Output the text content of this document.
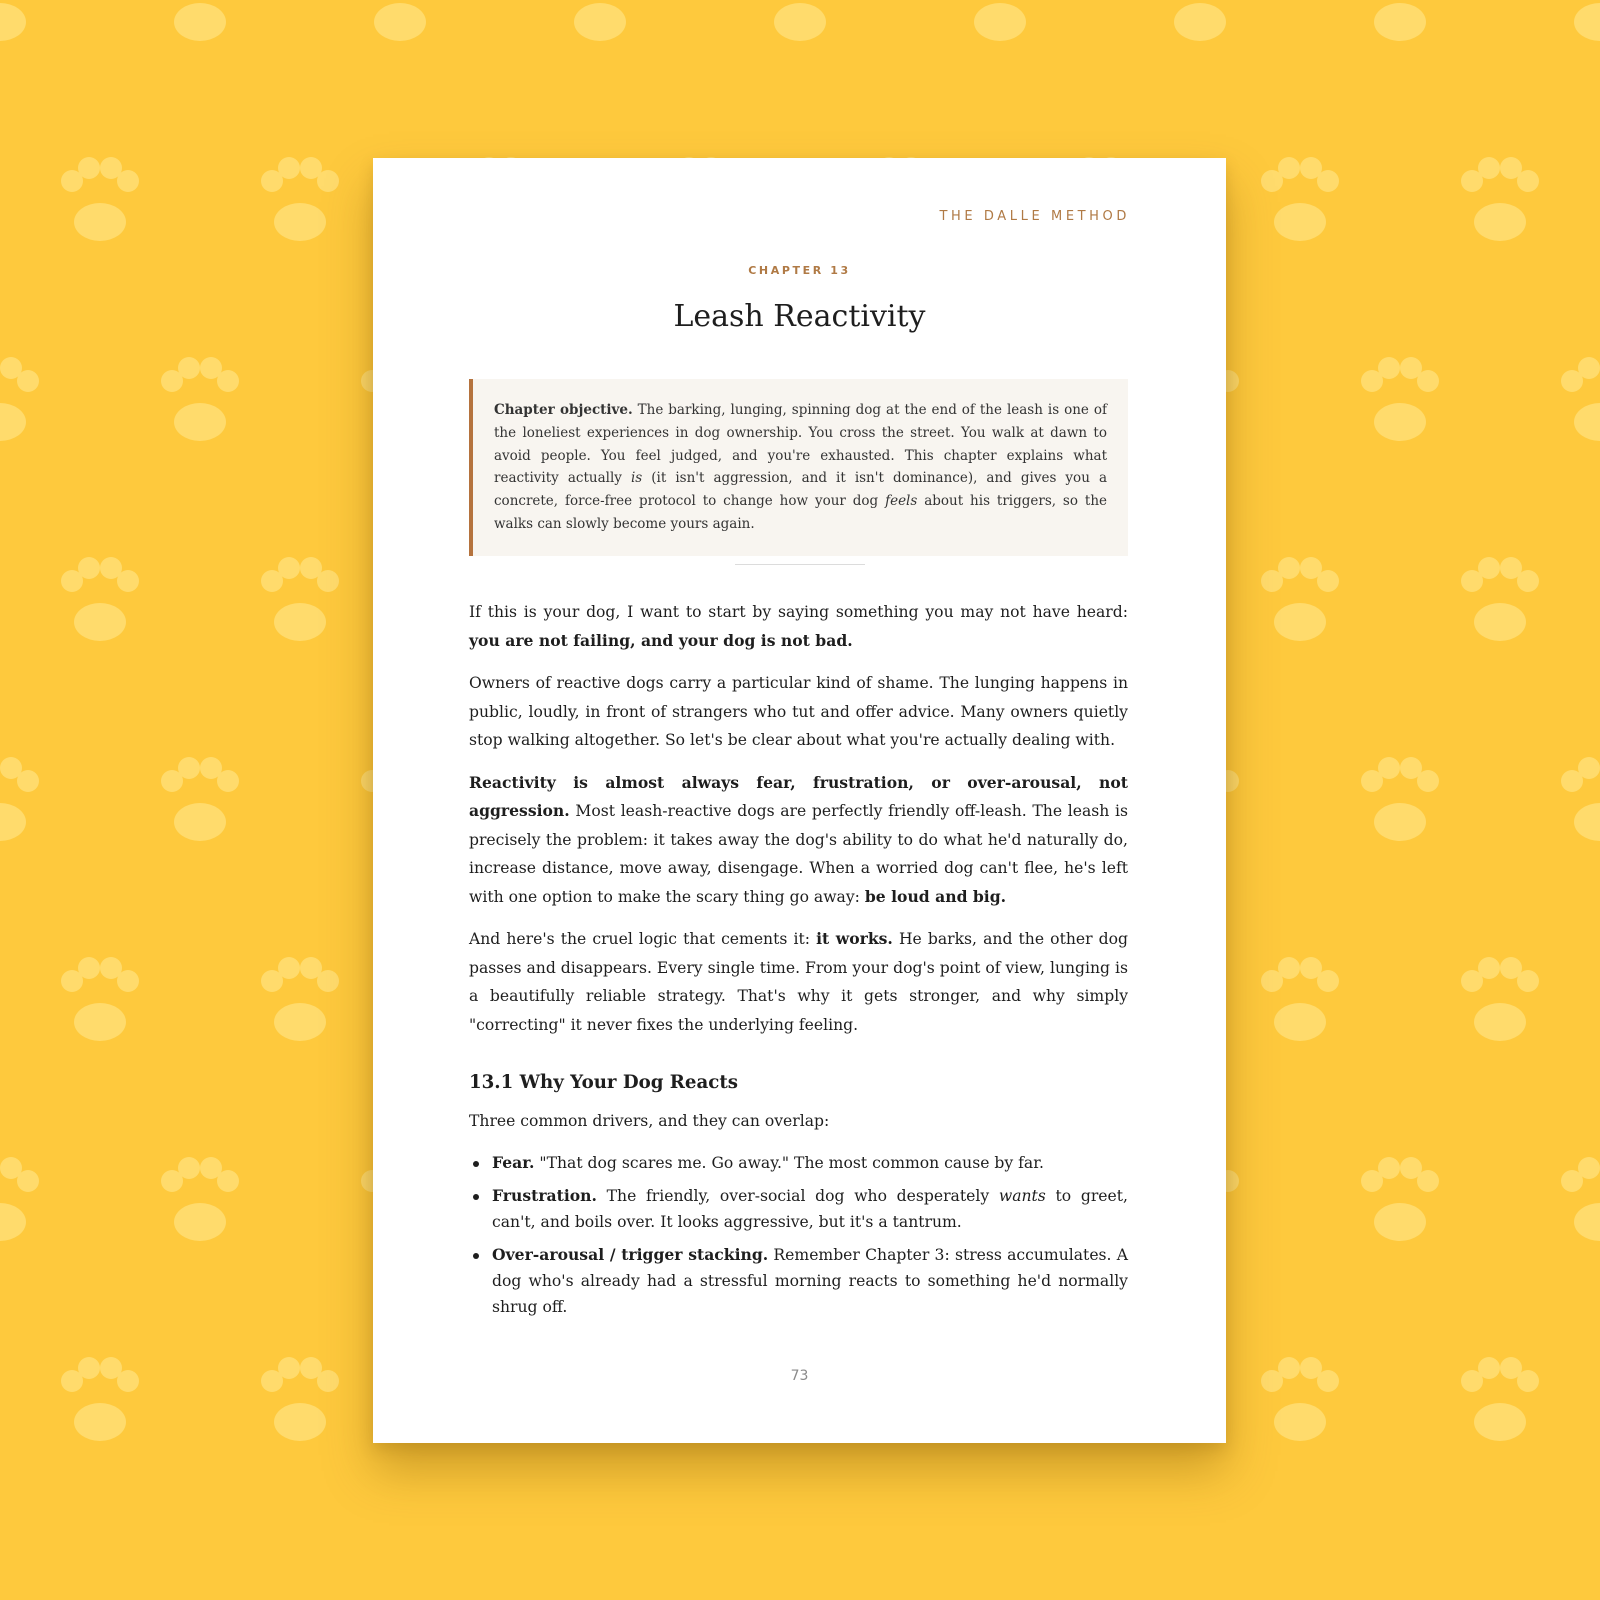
THE DALLE METHOD
CHAPTER 13
Leash Reactivity
Chapter objective. The barking, lunging, spinning dog at the end of the leash is one of the loneliest experiences in dog ownership. You cross the street. You walk at dawn to avoid people. You feel judged, and you're exhausted. This chapter explains what reactivity actually is (it isn't aggression, and it isn't dominance), and gives you a concrete, force-free protocol to change how your dog feels about his triggers, so the walks can slowly become yours again.

If this is your dog, I want to start by saying something you may not have heard: you are not failing, and your dog is not bad.

Owners of reactive dogs carry a particular kind of shame. The lunging happens in public, loudly, in front of strangers who tut and offer advice. Many owners quietly stop walking altogether. So let's be clear about what you're actually dealing with.

Reactivity is almost always fear, frustration, or over-arousal, not aggression. Most leash-reactive dogs are perfectly friendly off-leash. The leash is precisely the problem: it takes away the dog's ability to do what he'd naturally do, increase distance, move away, disengage. When a worried dog can't flee, he's left with one option to make the scary thing go away: be loud and big.

And here's the cruel logic that cements it: it works. He barks, and the other dog passes and disappears. Every single time. From your dog's point of view, lunging is a beautifully reliable strategy. That's why it gets stronger, and why simply "correcting" it never fixes the underlying feeling.

13.1 Why Your Dog Reacts

Three common drivers, and they can overlap:

Fear. "That dog scares me. Go away." The most common cause by far.
Frustration. The friendly, over-social dog who desperately wants to greet, can't, and boils over. It looks aggressive, but it's a tantrum.
Over-arousal / trigger stacking. Remember Chapter 3: stress accumulates. A dog who's already had a stressful morning reacts to something he'd normally shrug off.
73
